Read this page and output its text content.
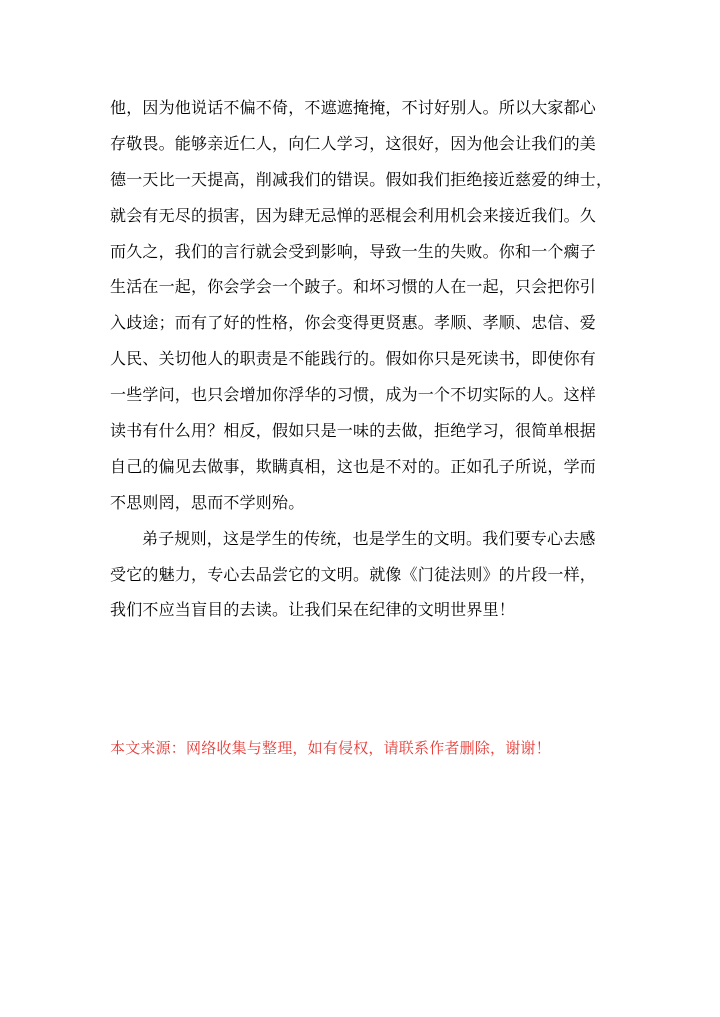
他，因为他说话不偏不倚，不遮遮掩掩，不讨好别人。所以大家都心
存敬畏。能够亲近仁人，向仁人学习，这很好，因为他会让我们的美
德一天比一天提高，削减我们的错误。假如我们拒绝接近慈爱的绅士，
就会有无尽的损害，因为肆无忌惮的恶棍会利用机会来接近我们。久
而久之，我们的言行就会受到影响，导致一生的失败。你和一个瘸子
生活在一起，你会学会一个跛子。和坏习惯的人在一起，只会把你引
入歧途；而有了好的性格，你会变得更贤惠。孝顺、孝顺、忠信、爱
人民、关切他人的职责是不能践行的。假如你只是死读书，即使你有
一些学问，也只会增加你浮华的习惯，成为一个不切实际的人。这样
读书有什么用？相反，假如只是一味的去做，拒绝学习，很简单根据
自己的偏见去做事，欺瞒真相，这也是不对的。正如孔子所说，学而
不思则罔，思而不学则殆。
弟子规则，这是学生的传统，也是学生的文明。我们要专心去感
受它的魅力，专心去品尝它的文明。就像《门徒法则》的片段一样，
我们不应当盲目的去读。让我们呆在纪律的文明世界里！
本文来源：网络收集与整理，如有侵权，请联系作者删除，谢谢！
